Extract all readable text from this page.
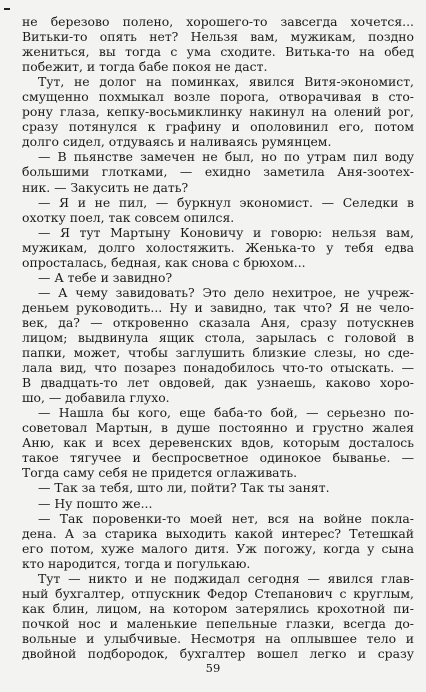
не березово полено, хорошего-то завсегда хочется...
Витьки-то опять нет? Нельзя вам, мужикам, поздно
жениться, вы тогда с ума сходите. Витька-то на обед
побежит, и тогда бабе покоя не даст.
Тут, не долог на поминках, явился Витя-экономист,
смущенно похмыкал возле порога, отворачивая в сто-
рону глаза, кепку-восьмиклинку накинул на олений рог,
сразу потянулся к графину и ополовинил его, потом
долго сидел, отдуваясь и наливаясь румянцем.
— В пьянстве замечен не был, но по утрам пил воду
большими глотками, — ехидно заметила Аня-зоотех-
ник. — Закусить не дать?
— Я и не пил, — буркнул экономист. — Селедки в
охотку поел, так совсем опился.
— Я тут Мартыну Коновичу и говорю: нельзя вам,
мужикам, долго холостяжить. Женька-то у тебя едва
опросталась, бедная, как снова с брюхом...
— А тебе и завидно?
— А чему завидовать? Это дело нехитрое, не учреж-
деньем руководить... Ну и завидно, так что? Я не чело-
век, да? — откровенно сказала Аня, сразу потускнев
лицом; выдвинула ящик стола, зарылась с головой в
папки, может, чтобы заглушить близкие слезы, но сде-
лала вид, что позарез понадобилось что-то отыскать. —
В двадцать-то лет овдовей, дак узнаешь, каково хоро-
шо, — добавила глухо.
— Нашла бы кого, еще баба-то бой, — серьезно по-
советовал Мартын, в душе постоянно и грустно жалея
Аню, как и всех деревенских вдов, которым досталось
такое тягучее и беспросветное одинокое бываньe. —
Тогда саму себя не придется оглаживать.
— Так за тебя, што ли, пойти? Так ты занят.
— Ну пошто же...
— Так поровенки-то моей нет, вся на войне покла-
дена. А за старика выходить какой интерес? Тетешкай
его потом, хуже малого дитя. Уж погожу, когда у сына
кто народится, тогда и погулькаю.
Тут — никто и не поджидал сегодня — явился глав-
ный бухгалтер, отпускник Федор Степанович с круглым,
как блин, лицом, на котором затерялись крохотной пи-
почкой нос и маленькие пепельные глазки, всегда до-
вольные и улыбчивые. Несмотря на оплывшее тело и
двойной подбородок, бухгалтер вошел легко и сразу
59
